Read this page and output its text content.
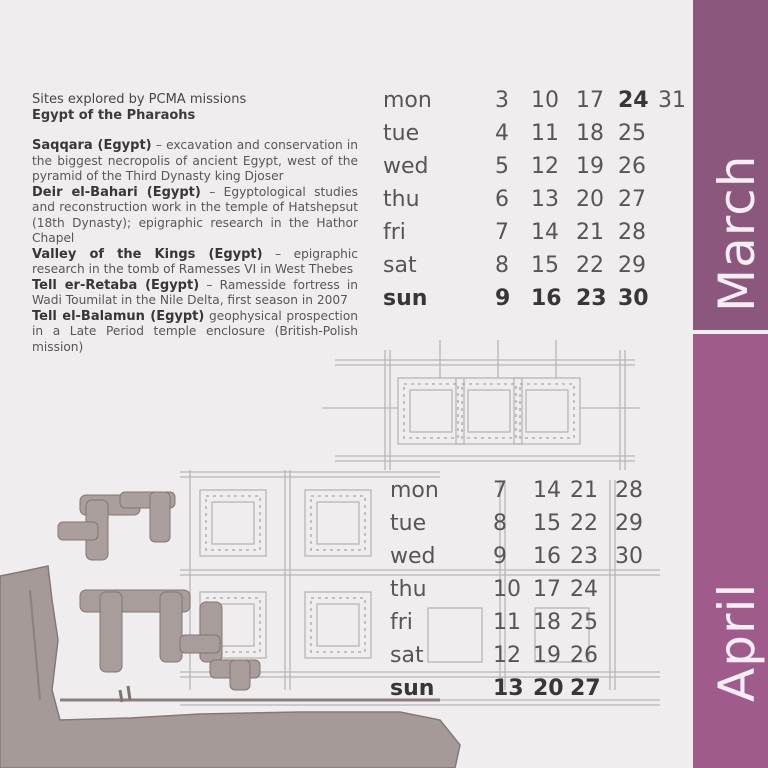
March
April
Sites explored by PCMA missions
Egypt of the Pharaohs

Saqqara (Egypt) – excavation and conservation in the biggest necropolis of ancient Egypt, west of the pyramid of the Third Dynasty king Djoser

Deir el-Bahari (Egypt) – Egyptological studies and reconstruction work in the temple of Hatshepsut (18th Dynasty); epigraphic research in the Hathor Chapel

Valley of the Kings (Egypt) – epigraphic research in the tomb of Ramesses VI in West Thebes

Tell er-Retaba (Egypt) – Ramesside fortress in Wadi Toumilat in the Nile Delta, first season in 2007

Tell el-Balamun (Egypt) geophysical prospection in a Late Period temple enclosure (British-Polish mission)

mon	3 10 17 24 31
tue	4 11 18 25
wed	5 12 19 26
thu	6 13 20 27
fri	7 14 21 28
sat	8 15 22 29
sun	9 16 23 30
mon 7 14 21 28
tue	8 15 22 29
wed	9 16 23 30
thu	10 17 24
fri	11 18 25
sat	12 19 26
sun	13 20 27
